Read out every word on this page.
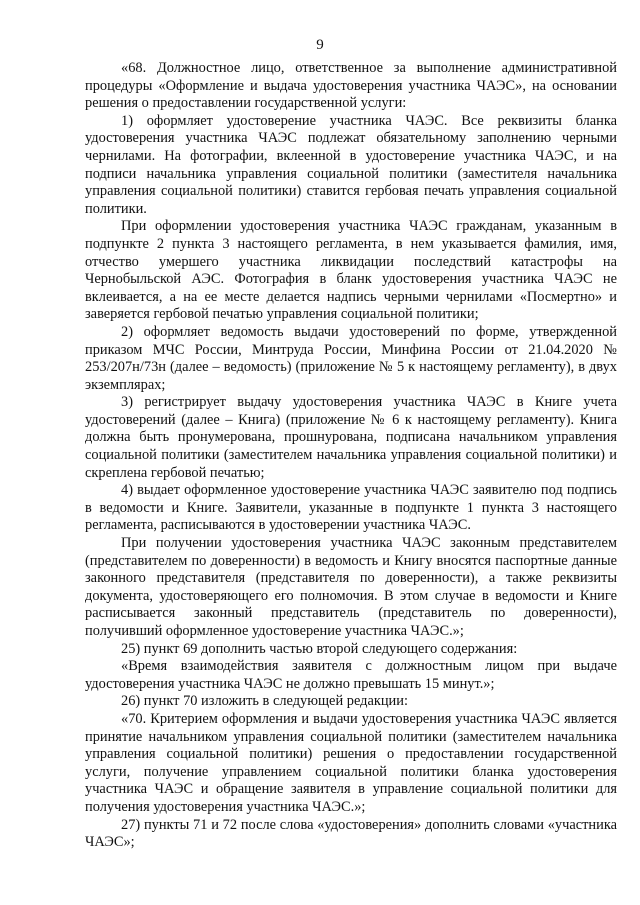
9

«68. Должностное лицо, ответственное за выполнение административной процедуры «Оформление и выдача удостоверения участника ЧАЭС», на основании решения о предоставлении государственной услуги:

1) оформляет удостоверение участника ЧАЭС. Все реквизиты бланка удостоверения участника ЧАЭС подлежат обязательному заполнению черными чернилами. На фотографии, вклеенной в удостоверение участника ЧАЭС, и на подписи начальника управления социальной политики (заместителя начальника управления социальной политики) ставится гербовая печать управления социальной политики.

При оформлении удостоверения участника ЧАЭС гражданам, указанным в подпункте 2 пункта 3 настоящего регламента, в нем указывается фамилия, имя, отчество умершего участника ликвидации последствий катастрофы на Чернобыльской АЭС. Фотография в бланк удостоверения участника ЧАЭС не вклеивается, а на ее месте делается надпись черными чернилами «Посмертно» и заверяется гербовой печатью управления социальной политики;

2) оформляет ведомость выдачи удостоверений по форме, утвержденной приказом МЧС России, Минтруда России, Минфина России от 21.04.2020 № 253/207н/73н (далее – ведомость) (приложение № 5 к настоящему регламенту), в двух экземплярах;

3) регистрирует выдачу удостоверения участника ЧАЭС в Книге учета удостоверений (далее – Книга) (приложение № 6 к настоящему регламенту). Книга должна быть пронумерована, прошнурована, подписана начальником управления социальной политики (заместителем начальника управления социальной политики) и скреплена гербовой печатью;

4) выдает оформленное удостоверение участника ЧАЭС заявителю под подпись в ведомости и Книге. Заявители, указанные в подпункте 1 пункта 3 настоящего регламента, расписываются в удостоверении участника ЧАЭС.

При получении удостоверения участника ЧАЭС законным представителем (представителем по доверенности) в ведомость и Книгу вносятся паспортные данные законного представителя (представителя по доверенности), а также реквизиты документа, удостоверяющего его полномочия. В этом случае в ведомости и Книге расписывается законный представитель (представитель по доверенности), получивший оформленное удостоверение участника ЧАЭС.»;

25) пункт 69 дополнить частью второй следующего содержания:

«Время взаимодействия заявителя с должностным лицом при выдаче удостоверения участника ЧАЭС не должно превышать 15 минут.»;

26) пункт 70 изложить в следующей редакции:

«70. Критерием оформления и выдачи удостоверения участника ЧАЭС является принятие начальником управления социальной политики (заместителем начальника управления социальной политики) решения о предоставлении государственной услуги, получение управлением социальной политики бланка удостоверения участника ЧАЭС и обращение заявителя в управление социальной политики для получения удостоверения участника ЧАЭС.»;

27) пункты 71 и 72 после слова «удостоверения» дополнить словами «участника ЧАЭС»;
